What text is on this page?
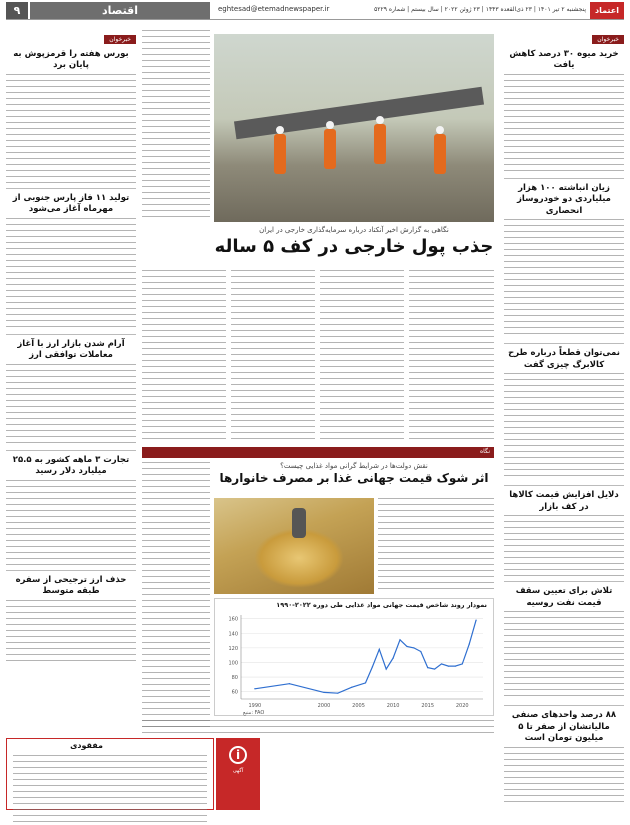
۹	اقتصاد	eghtesad@etemadnewspaper.ir	پنجشنبه ۲ تیر ۱۴۰۱ | ۲۳ ذی‌القعده ۱۴۴۳ | ۲۳ ژوئن ۲۰۲۲ | سال بیستم | شماره ۵۲۲۹	اعتماد
خبرخوان
خرید میوه ۳۰ درصد کاهش یافت
زیان انباشته ۱۰۰ هزار میلیاردی دو خودروساز انحصاری
نمی‌توان قطعاً درباره طرح کالابرگ چیزی گفت
دلایل افزایش قیمت کالاها در کف بازار
تلاش برای تعیین سقف قیمت نفت روسیه
۸۸ درصد واحدهای صنفی مالیاتشان از صفر تا ۵ میلیون تومان است
خبرخوان
بورس هفته را قرمزپوش به پایان برد
تولید ۱۱ فاز پارس جنوبی از مهرماه آغاز می‌شود
آرام شدن بازار ارز با آغاز معاملات توافقی ارز
تجارت ۳ ماهه کشور به ۲۵.۵ میلیارد دلار رسید
حذف ارز ترجیحی از سفره طبقه متوسط
نگاهی به گزارش اخیر آنکتاد درباره سرمایه‌گذاری خارجی در ایران
جذب پول خارجی در کف ۵ ساله
نگاه
نقش دولت‌ها در شرایط گرانی مواد غذایی چیست؟
اثر شوک قیمت جهانی غذا بر مصرف خانوارها
نمودار روند شاخص قیمت جهانی مواد غذایی طی دوره ۲۰۲۲-۱۹۹۰
60
80
100
120
140
160
1990	2000	2005	2010	2015	2020
منبع: FAO
مفقودی
i
آگهی
